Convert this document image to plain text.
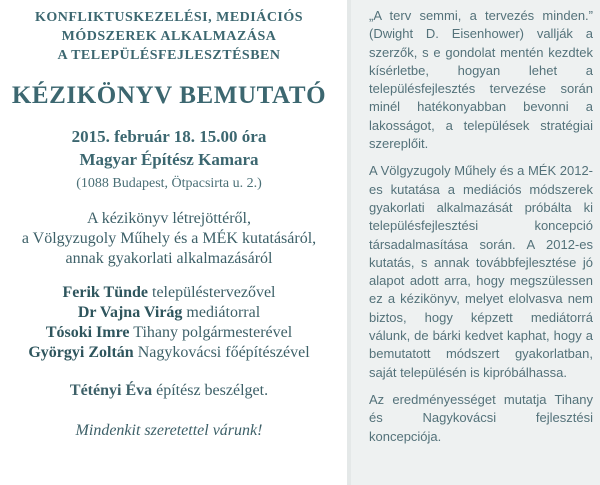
KONFLIKTUSKEZELÉSI, MEDIÁCIÓS
MÓDSZEREK ALKALMAZÁSA
A TELEPÜLÉSFEJLESZTÉSBEN
KÉZIKÖNYV BEMUTATÓ
2015. február 18. 15.00 óra
Magyar Építész Kamara
(1088 Budapest, Ötpacsirta u. 2.)
A kézikönyv létrejöttéről,
a Völgyzugoly Műhely és a MÉK kutatásáról,
annak gyakorlati alkalmazásáról
Ferik Tünde településtervezővel
Dr Vajna Virág mediátorral
Tósoki Imre Tihany polgármesterével
Györgyi Zoltán Nagykovácsi főépítészével
Tétényi Éva építész beszélget.
Mindenkit szeretettel várunk!

„A terv semmi, a tervezés minden.” (Dwight D. Eisenhower) vallják a szerzők, s e gondolat mentén kezdtek kísérletbe, hogyan lehet a településfejlesztés tervezése során minél hatékonyabban bevonni a lakosságot, a települések stratégiai szereplőit.

A Völgyzugoly Műhely és a MÉK 2012-es kutatása a mediációs módszerek gyakorlati alkalmazását próbálta ki településfejlesztési koncepció társadalmasítása során. A 2012-es kutatás, s annak továbbfejlesztése jó alapot adott arra, hogy megszülessen ez a kézikönyv, melyet elolvasva nem biztos, hogy képzett mediátorrá válunk, de bárki kedvet kaphat, hogy a bemutatott módszert gyakorlatban, saját településén is kipróbálhassa.

Az eredményességet mutatja Tihany és Nagykovácsi fejlesztési koncepciója.
